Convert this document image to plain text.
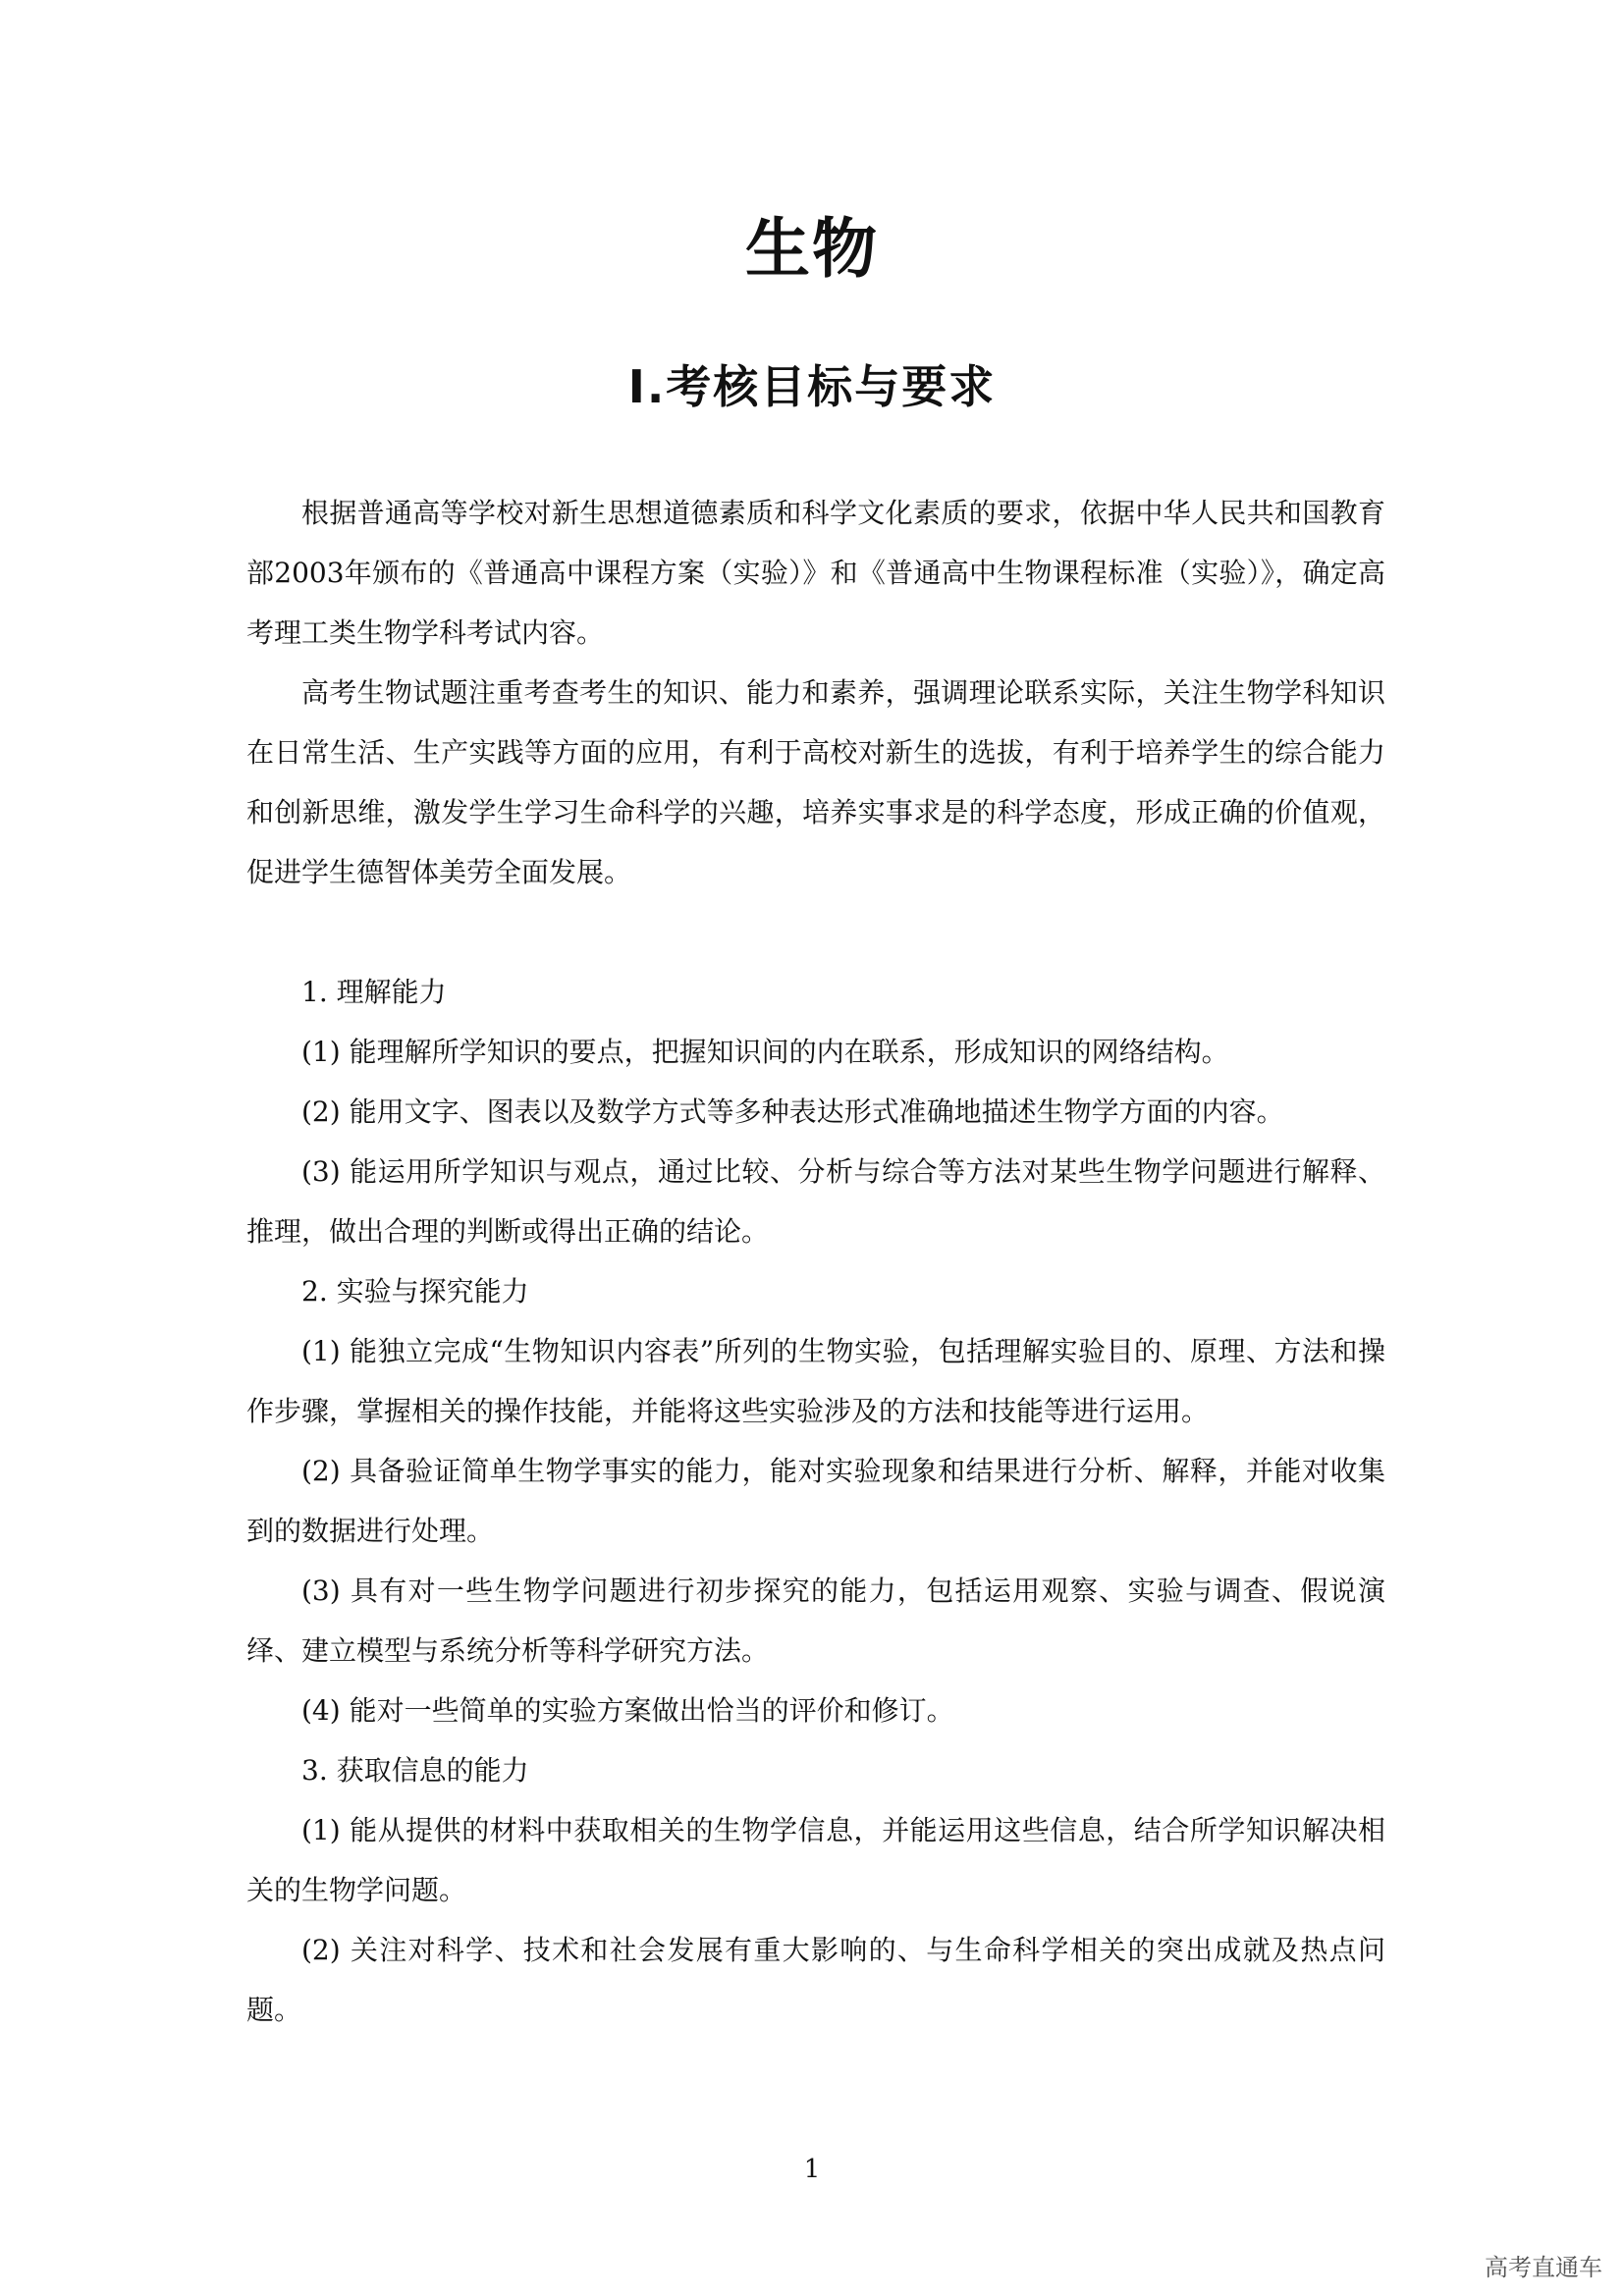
生物
Ⅰ.考核目标与要求

根据普通高等学校对新生思想道德素质和科学文化素质的要求，依据中华人民共和国教育部2003年颁布的《普通高中课程方案（实验）》和《普通高中生物课程标准（实验）》，确定高考理工类生物学科考试内容。

高考生物试题注重考查考生的知识、能力和素养，强调理论联系实际，关注生物学科知识在日常生活、生产实践等方面的应用，有利于高校对新生的选拔，有利于培养学生的综合能力和创新思维，激发学生学习生命科学的兴趣，培养实事求是的科学态度，形成正确的价值观，促进学生德智体美劳全面发展。

1. 理解能力

(1) 能理解所学知识的要点，把握知识间的内在联系，形成知识的网络结构。

(2) 能用文字、图表以及数学方式等多种表达形式准确地描述生物学方面的内容。

(3) 能运用所学知识与观点，通过比较、分析与综合等方法对某些生物学问题进行解释、推理，做出合理的判断或得出正确的结论。

2. 实验与探究能力

(1) 能独立完成“生物知识内容表”所列的生物实验，包括理解实验目的、原理、方法和操作步骤，掌握相关的操作技能，并能将这些实验涉及的方法和技能等进行运用。

(2) 具备验证简单生物学事实的能力，能对实验现象和结果进行分析、解释，并能对收集到的数据进行处理。

(3) 具有对一些生物学问题进行初步探究的能力，包括运用观察、实验与调查、假说演绎、建立模型与系统分析等科学研究方法。

(4) 能对一些简单的实验方案做出恰当的评价和修订。

3. 获取信息的能力

(1) 能从提供的材料中获取相关的生物学信息，并能运用这些信息，结合所学知识解决相关的生物学问题。

(2) 关注对科学、技术和社会发展有重大影响的、与生命科学相关的突出成就及热点问题。

1
高考直通车
